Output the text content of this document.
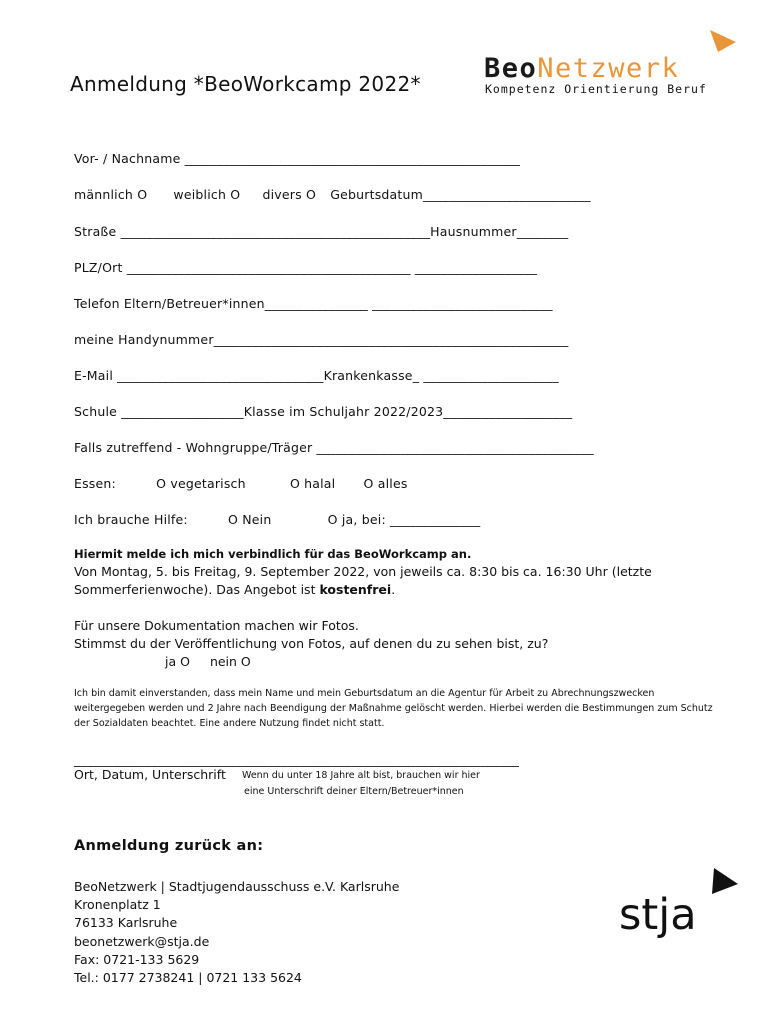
Anmeldung *BeoWorkcamp 2022* BeoNetzwerk
Kompetenz Orientierung Beruf
Vor- / Nachname ____________________________________________________
männlich O weiblich O divers O Geburtsdatum__________________________
Straße ________________________________________________Hausnummer________
PLZ/Ort ____________________________________________ ___________________
Telefon Eltern/Betreuer*innen________________ ____________________________
meine Handynummer_______________________________________________________
E-Mail ________________________________Krankenkasse_ _____________________
Schule ___________________Klasse im Schuljahr 2022/2023____________________
Falls zutreffend - Wohngruppe/Träger ___________________________________________
Essen:	O vegetarisch	O halal O alles
Ich brauche Hilfe:	O Nein	O ja, bei: ______________
Hiermit melde ich mich verbindlich für das BeoWorkcamp an.
Von Montag, 5. bis Freitag, 9. September 2022, von jeweils ca. 8:30 bis ca. 16:30 Uhr (letzte Sommerferienwoche). Das Angebot ist kostenfrei.
Für unsere Dokumentation machen wir Fotos.
Stimmst du der Veröffentlichung von Fotos, auf denen du zu sehen bist, zu?
ja O nein O
Ich bin damit einverstanden, dass mein Name und mein Geburtsdatum an die Agentur für Arbeit zu Abrechnungszwecken weitergegeben werden und 2 Jahre nach Beendigung der Maßnahme gelöscht werden. Hierbei werden die Bestimmungen zum Schutz der Sozialdaten beachtet. Eine andere Nutzung findet nicht statt.
_____________________________________________________________________
Ort, Datum, Unterschrift Wenn du unter 18 Jahre alt bist, brauchen wir hier
eine Unterschrift deiner Eltern/Betreuer*innen
Anmeldung zurück an:
BeoNetzwerk | Stadtjugendausschuss e.V. Karlsruhe
Kronenplatz 1
76133 Karlsruhe
beonetzwerk@stja.de
Fax: 0721-133 5629
Tel.: 0177 2738241 | 0721 133 5624
stja
